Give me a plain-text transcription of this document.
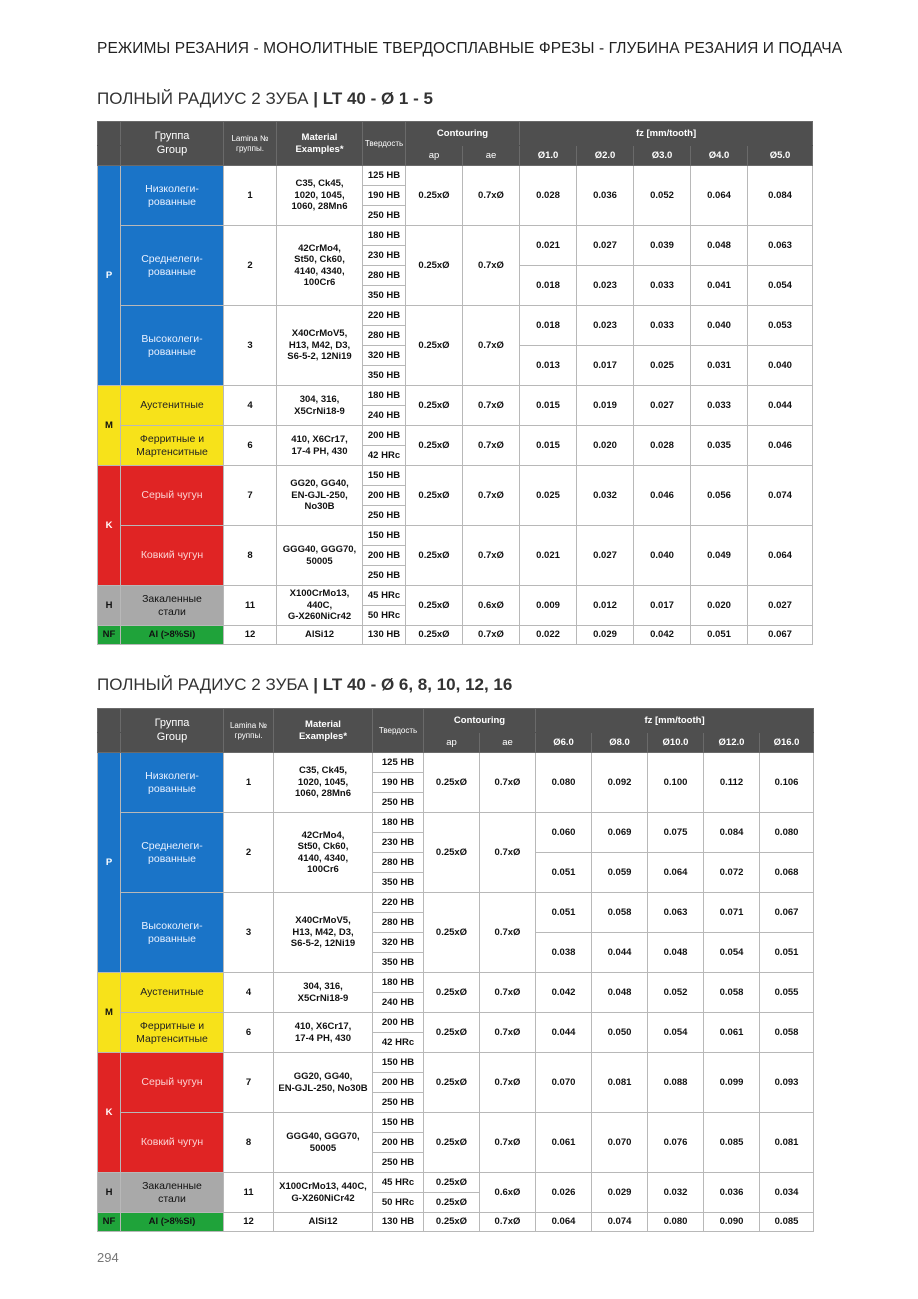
РЕЖИМЫ РЕЗАНИЯ - МОНОЛИТНЫЕ ТВЕРДОСПЛАВНЫЕ ФРЕЗЫ - ГЛУБИНА РЕЗАНИЯ И ПОДАЧА
ПОЛНЫЙ РАДИУС 2 ЗУБА | LT 40 - Ø 1 - 5
	Группа
Group	Lamina №
группы.	Material
Examples*	Твердость	Contouring		fz [mm/tooth]				
					ap	ae	Ø1.0	Ø2.0	Ø3.0	Ø4.0	Ø5.0
P	Низколеги-
рованные	1	C35, Ck45,
1020, 1045,
1060, 28Mn6	125 HB	0.25xØ	0.7xØ	0.028	0.036	0.052	0.064	0.084
				190 HB							
				250 HB							
	Среднелеги-
рованные	2	42CrMo4,
St50, Ck60,
4140, 4340,
100Cr6	180 HB	0.25xØ	0.7xØ	0.021	0.027	0.039	0.048	0.063
				230 HB							
				280 HB			0.018	0.023	0.033	0.041	0.054
				350 HB							
	Высоколеги-
рованные	3	X40CrMoV5,
H13, M42, D3,
S6-5-2, 12Ni19	220 HB	0.25xØ	0.7xØ	0.018	0.023	0.033	0.040	0.053
				280 HB							
				320 HB			0.013	0.017	0.025	0.031	0.040
				350 HB							
M	Аустенитные	4	304, 316,
X5CrNi18-9	180 HB	0.25xØ	0.7xØ	0.015	0.019	0.027	0.033	0.044
				240 HB							
	Ферритные и
Мартенситные	6	410, X6Cr17,
17-4 PH, 430	200 HB	0.25xØ	0.7xØ	0.015	0.020	0.028	0.035	0.046
				42 HRc							
K	Серый чугун	7	GG20, GG40,
EN-GJL-250,
No30B	150 HB	0.25xØ	0.7xØ	0.025	0.032	0.046	0.056	0.074
				200 HB							
				250 HB							
	Ковкий чугун	8	GGG40, GGG70,
50005	150 HB	0.25xØ	0.7xØ	0.021	0.027	0.040	0.049	0.064
				200 HB							
				250 HB							
H	Закаленные
стали	11	X100CrMo13,
440C,
G-X260NiCr42	45 HRc	0.25xØ	0.6xØ	0.009	0.012	0.017	0.020	0.027
				50 HRc							
NF	Al (>8%Si)	12	AlSi12	130 HB	0.25xØ	0.7xØ	0.022	0.029	0.042	0.051	0.067
ПОЛНЫЙ РАДИУС 2 ЗУБА | LT 40 - Ø 6, 8, 10, 12, 16
	Группа
Group	Lamina №
группы.	Material
Examples*	Твердость	Contouring		fz [mm/tooth]				
					ap	ae	Ø6.0	Ø8.0	Ø10.0	Ø12.0	Ø16.0
P	Низколеги-
рованные	1	C35, Ck45,
1020, 1045,
1060, 28Mn6	125 HB	0.25xØ	0.7xØ	0.080	0.092	0.100	0.112	0.106
				190 HB							
				250 HB							
	Среднелеги-
рованные	2	42CrMo4,
St50, Ck60,
4140, 4340,
100Cr6	180 HB	0.25xØ	0.7xØ	0.060	0.069	0.075	0.084	0.080
				230 HB							
				280 HB			0.051	0.059	0.064	0.072	0.068
				350 HB							
	Высоколеги-
рованные	3	X40CrMoV5,
H13, M42, D3,
S6-5-2, 12Ni19	220 HB	0.25xØ	0.7xØ	0.051	0.058	0.063	0.071	0.067
				280 HB							
				320 HB			0.038	0.044	0.048	0.054	0.051
				350 HB							
M	Аустенитные	4	304, 316,
X5CrNi18-9	180 HB	0.25xØ	0.7xØ	0.042	0.048	0.052	0.058	0.055
				240 HB							
	Ферритные и
Мартенситные	6	410, X6Cr17,
17-4 PH, 430	200 HB	0.25xØ	0.7xØ	0.044	0.050	0.054	0.061	0.058
				42 HRc							
K	Серый чугун	7	GG20, GG40,
EN-GJL-250, No30B	150 HB	0.25xØ	0.7xØ	0.070	0.081	0.088	0.099	0.093
				200 HB							
				250 HB							
	Ковкий чугун	8	GGG40, GGG70,
50005	150 HB	0.25xØ	0.7xØ	0.061	0.070	0.076	0.085	0.081
				200 HB							
				250 HB							
H	Закаленные
стали	11	X100CrMo13, 440C,
G-X260NiCr42	45 HRc	0.25xØ	0.6xØ	0.026	0.029	0.032	0.036	0.034
				50 HRc	0.25xØ						
NF	Al (>8%Si)	12	AlSi12	130 HB	0.25xØ	0.7xØ	0.064	0.074	0.080	0.090	0.085
294
